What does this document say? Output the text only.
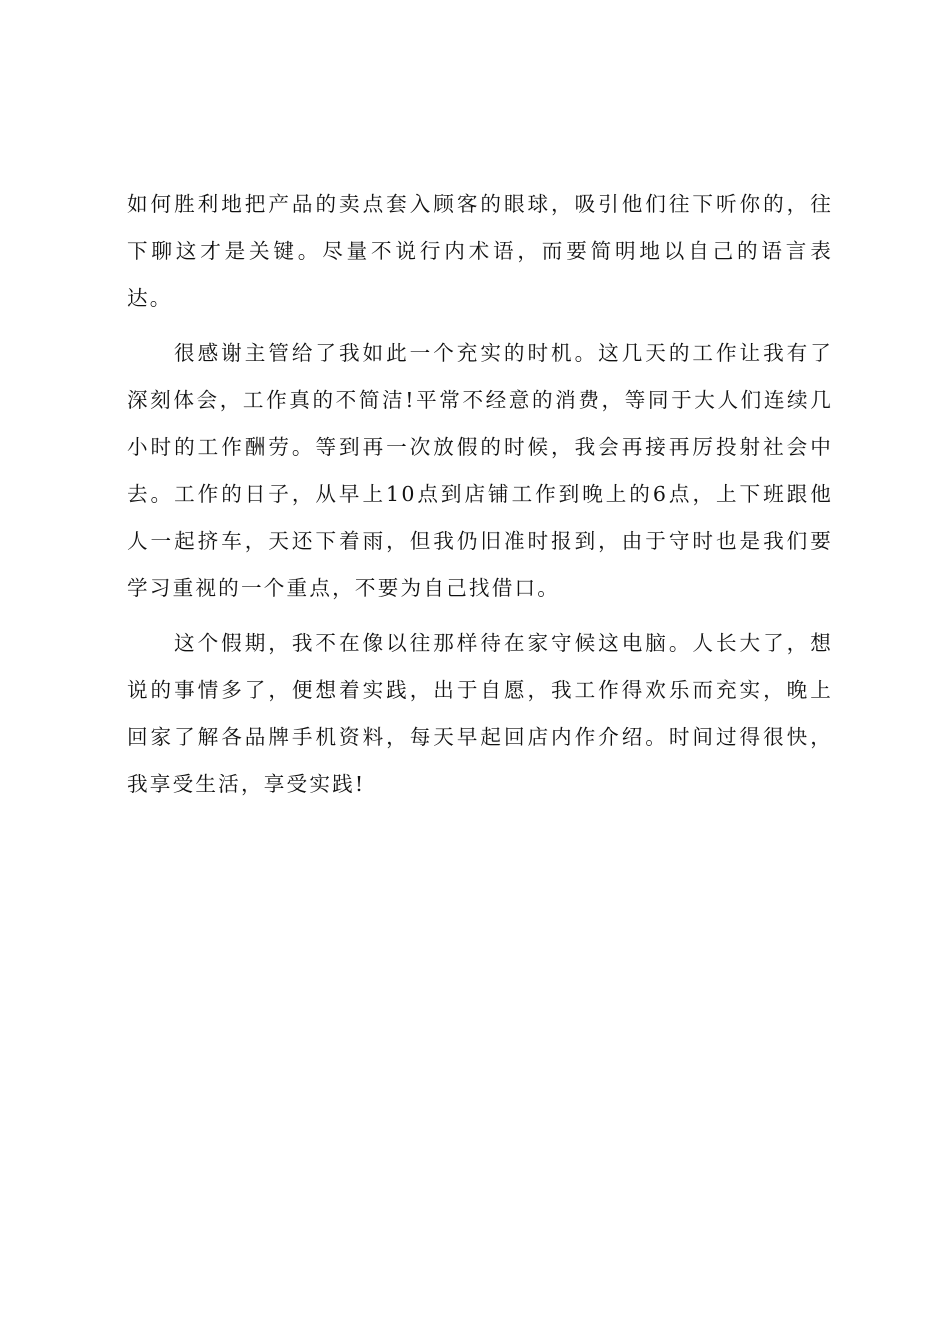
如何胜利地把产品的卖点套入顾客的眼球，吸引他们往下听你的，往下聊这才是关键。尽量不说行内术语，而要简明地以自己的语言表达。

很感谢主管给了我如此一个充实的时机。这几天的工作让我有了深刻体会，工作真的不简洁!平常不经意的消费，等同于大人们连续几小时的工作酬劳。等到再一次放假的时候，我会再接再厉投射社会中去。工作的日子，从早上10点到店铺工作到晚上的6点，上下班跟他人一起挤车，天还下着雨，但我仍旧准时报到，由于守时也是我们要学习重视的一个重点，不要为自己找借口。

这个假期，我不在像以往那样待在家守候这电脑。人长大了，想说的事情多了，便想着实践，出于自愿，我工作得欢乐而充实，晚上回家了解各品牌手机资料，每天早起回店内作介绍。时间过得很快，我享受生活，享受实践!
